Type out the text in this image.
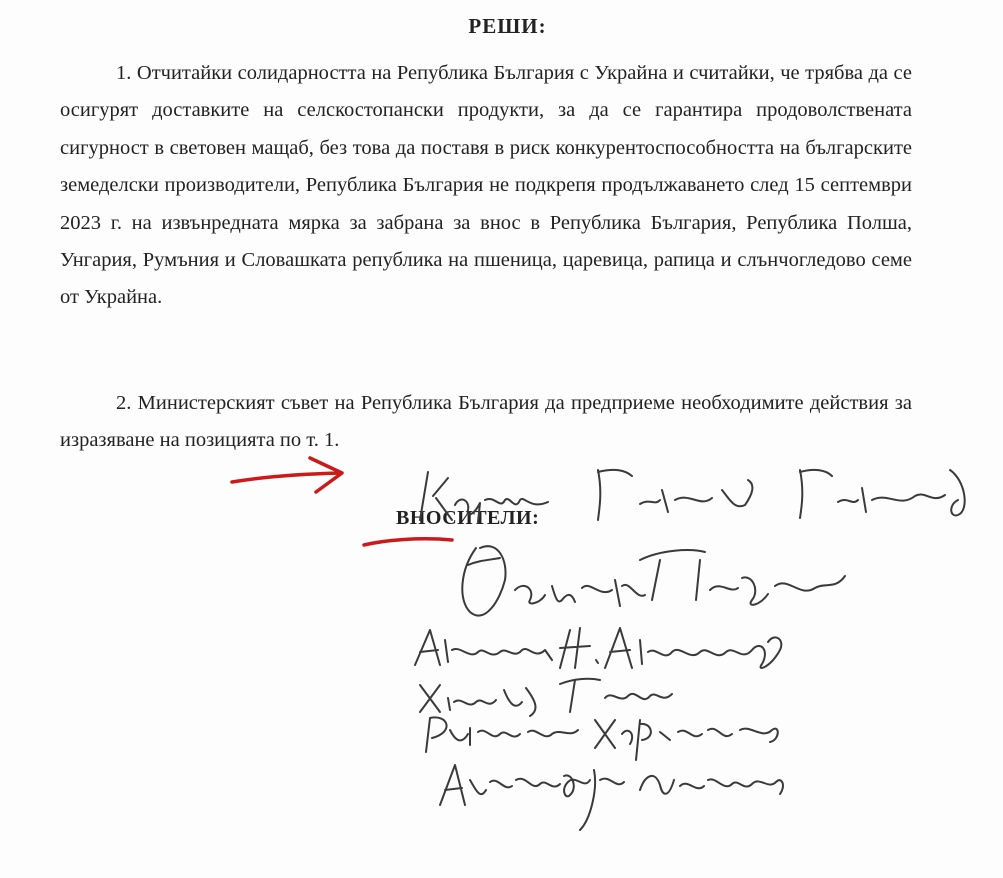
РЕШИ:

1. Отчитайки солидарността на Република България с Украйна и считайки, че трябва да се осигурят доставките на селскостопански продукти, за да се гарантира продоволствената сигурност в световен мащаб, без това да поставя в риск конкурентоспособността на българските земеделски производители, Република България не подкрепя продължаването след 15 септември 2023 г. на извънредната мярка за забрана за внос в Република България, Република Полша, Унгария, Румъния и Словашката република на пшеница, царевица, рапица и слънчогледово семе от Украйна.

2. Министерският съвет на Република България да предприеме необходимите действия за изразяване на позицията по т. 1.

ВНОСИТЕЛИ:
